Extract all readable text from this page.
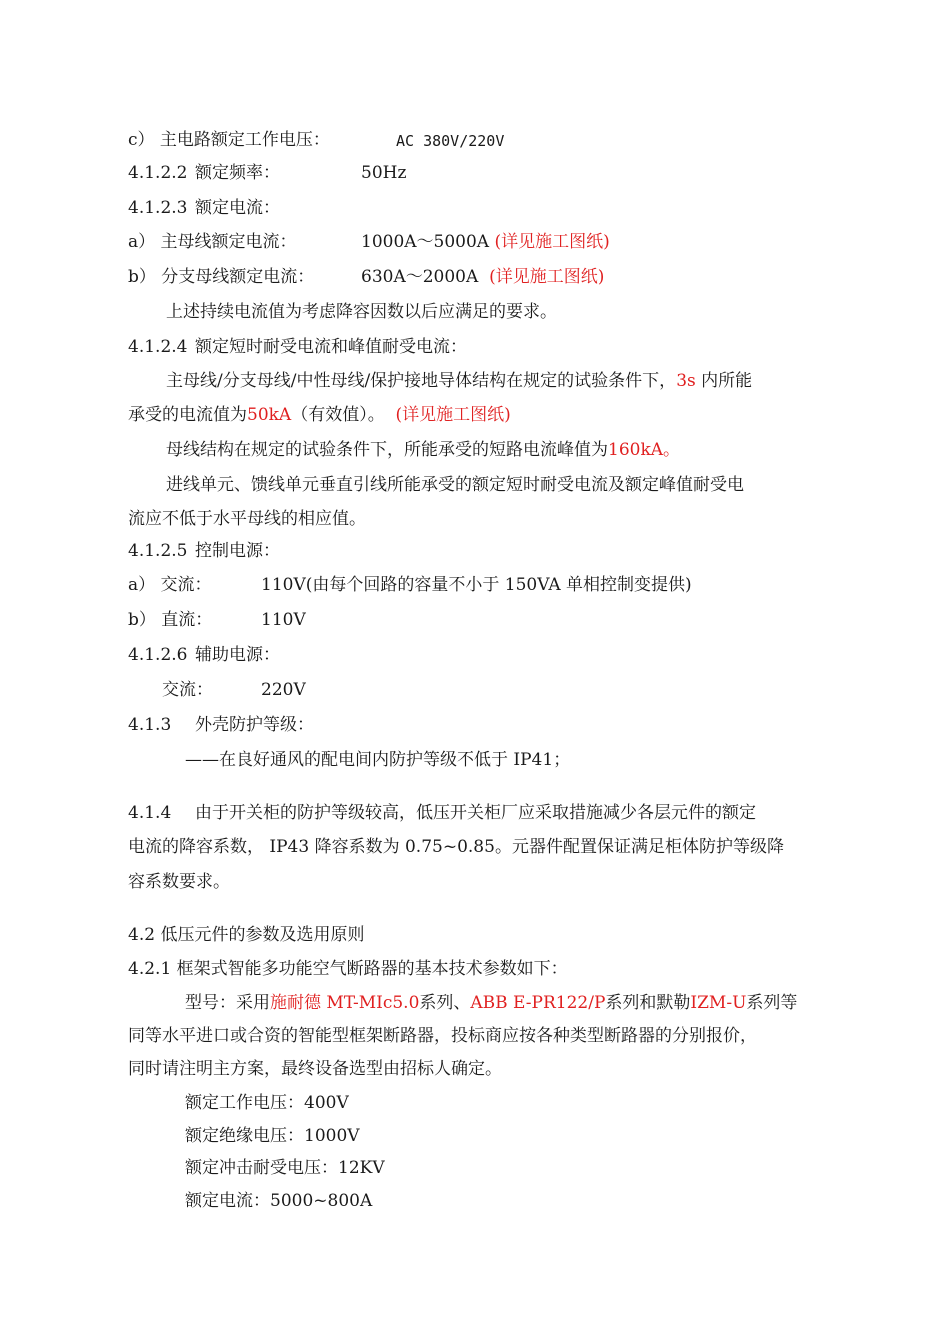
c） 主电路额定工作电压：	AC 380V/220V
4.1.2.2 额定频率：	50Hz
4.1.2.3 额定电流：
a） 主母线额定电流：	1000A～5000A (详见施工图纸)
b） 分支母线额定电流：	630A～2000A (详见施工图纸)
上述持续电流值为考虑降容因数以后应满足的要求。
4.1.2.4 额定短时耐受电流和峰值耐受电流：
主母线/分支母线/中性母线/保护接地导体结构在规定的试验条件下，3s 内所能
承受的电流值为50kA（有效值）。 (详见施工图纸)
母线结构在规定的试验条件下，所能承受的短路电流峰值为160kA。
进线单元、馈线单元垂直引线所能承受的额定短时耐受电流及额定峰值耐受电
流应不低于水平母线的相应值。
4.1.2.5 控制电源：
a） 交流：	110V(由每个回路的容量不小于 150VA 单相控制变提供)
b） 直流：	110V
4.1.2.6 辅助电源：
交流：	220V
4.1.3 外壳防护等级：
——在良好通风的配电间内防护等级不低于 IP41；
4.1.4 由于开关柜的防护等级较高，低压开关柜厂应采取措施减少各层元件的额定
电流的降容系数， IP43 降容系数为 0.75~0.85。元器件配置保证满足柜体防护等级降
容系数要求。
4.2 低压元件的参数及选用原则
4.2.1 框架式智能多功能空气断路器的基本技术参数如下：
型号：采用施耐德 MT-MIc5.0系列、ABB E-PR122/P系列和默勒IZM-U系列等
同等水平进口或合资的智能型框架断路器，投标商应按各种类型断路器的分别报价，
同时请注明主方案，最终设备选型由招标人确定。
额定工作电压：400V
额定绝缘电压：1000V
额定冲击耐受电压：12KV
额定电流：5000~800A
